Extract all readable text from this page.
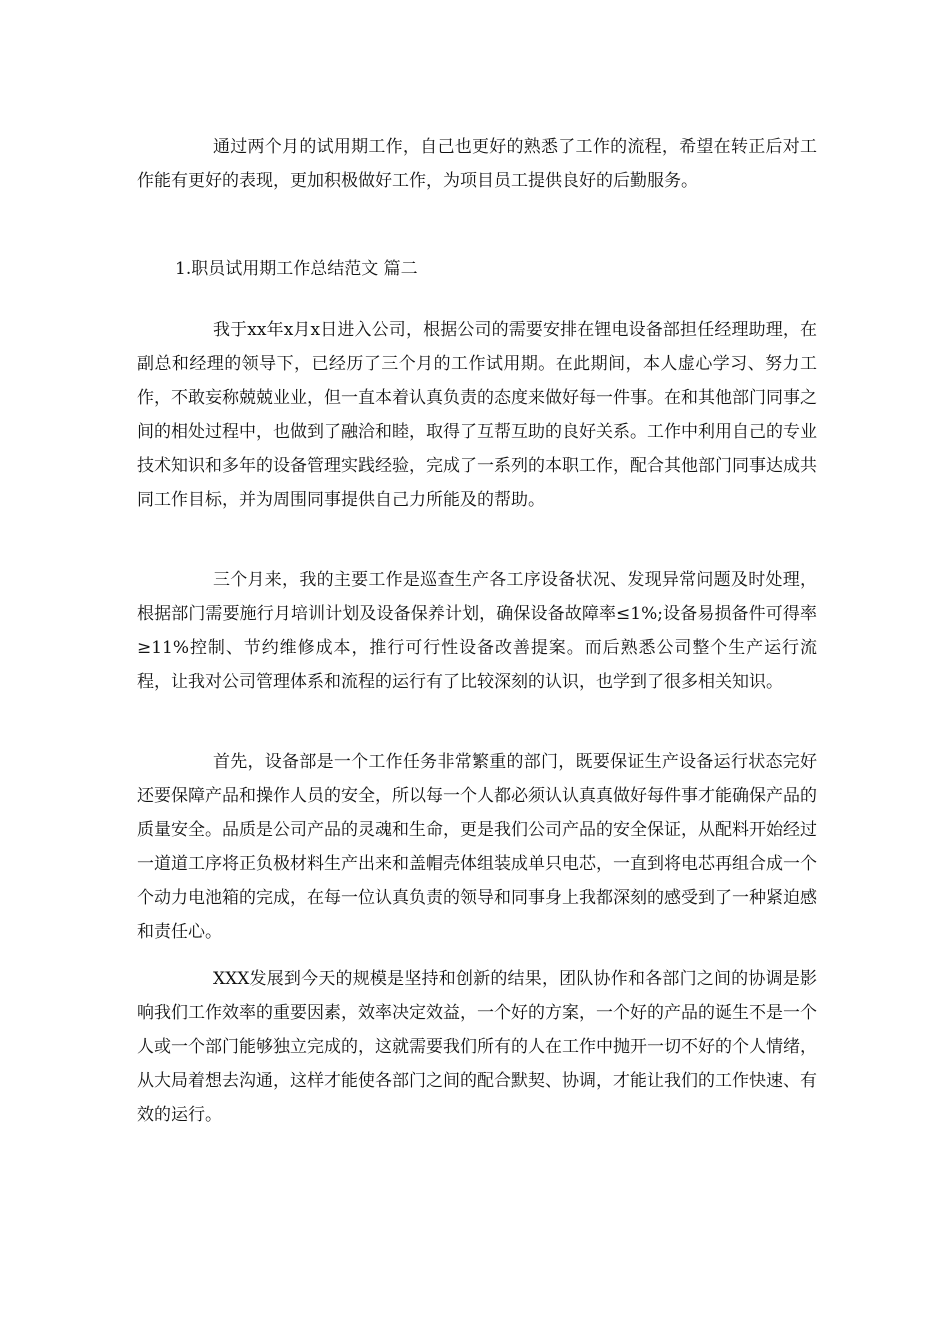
通过两个月的试用期工作，自己也更好的熟悉了工作的流程，希望在转正后对工作能有更好的表现，更加积极做好工作，为项目员工提供良好的后勤服务。

1.职员试用期工作总结范文 篇二

我于xx年x月x日进入公司，根据公司的需要安排在锂电设备部担任经理助理，在副总和经理的领导下，已经历了三个月的工作试用期。在此期间，本人虚心学习、努力工作，不敢妄称兢兢业业，但一直本着认真负责的态度来做好每一件事。在和其他部门同事之间的相处过程中，也做到了融洽和睦，取得了互帮互助的良好关系。工作中利用自己的专业技术知识和多年的设备管理实践经验，完成了一系列的本职工作，配合其他部门同事达成共同工作目标，并为周围同事提供自己力所能及的帮助。

三个月来，我的主要工作是巡查生产各工序设备状况、发现异常问题及时处理，根据部门需要施行月培训计划及设备保养计划，确保设备故障率≤1%;设备易损备件可得率≥11%控制、节约维修成本，推行可行性设备改善提案。而后熟悉公司整个生产运行流程，让我对公司管理体系和流程的运行有了比较深刻的认识，也学到了很多相关知识。

首先，设备部是一个工作任务非常繁重的部门，既要保证生产设备运行状态完好还要保障产品和操作人员的安全，所以每一个人都必须认认真真做好每件事才能确保产品的质量安全。品质是公司产品的灵魂和生命，更是我们公司产品的安全保证，从配料开始经过一道道工序将正负极材料生产出来和盖帽壳体组装成单只电芯，一直到将电芯再组合成一个个动力电池箱的完成，在每一位认真负责的领导和同事身上我都深刻的感受到了一种紧迫感和责任心。

XXX发展到今天的规模是坚持和创新的结果，团队协作和各部门之间的协调是影响我们工作效率的重要因素，效率决定效益，一个好的方案，一个好的产品的诞生不是一个人或一个部门能够独立完成的，这就需要我们所有的人在工作中抛开一切不好的个人情绪，从大局着想去沟通，这样才能使各部门之间的配合默契、协调，才能让我们的工作快速、有效的运行。
